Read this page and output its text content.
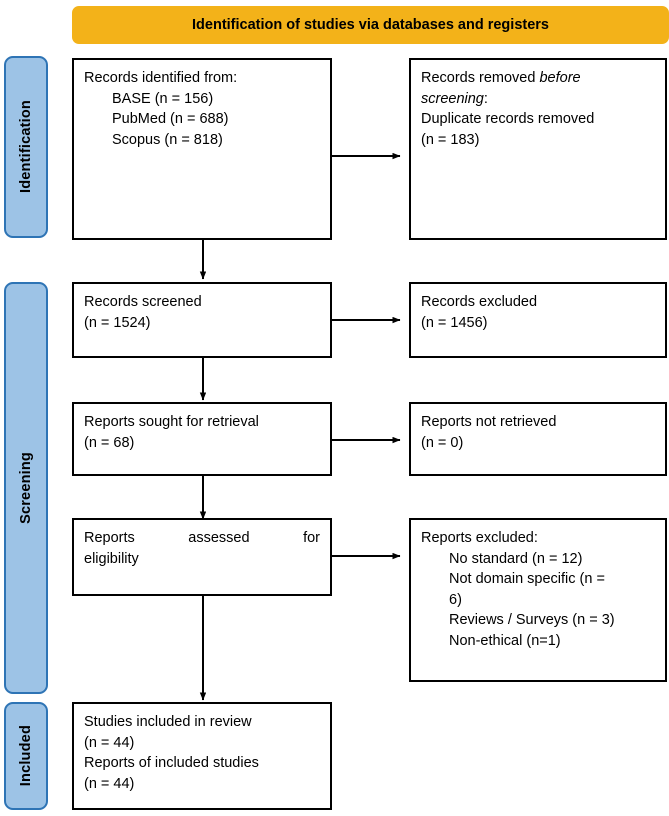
Identification of studies via databases and registers
Identification
Screening
Included
Records identified from:
BASE (n = 156)
PubMed (n = 688)
Scopus (n = 818)
Records removed before
screening:
Duplicate records removed
(n = 183)
Records screened
(n = 1524)
Records excluded
(n = 1456)
Reports sought for retrieval
(n = 68)
Reports not retrieved
(n = 0)
Reports assessed for
eligibility
Reports excluded:
No standard (n = 12)
Not domain specific (n =
6)
Reviews / Surveys (n = 3)
Non-ethical (n=1)
Studies included in review
(n = 44)
Reports of included studies
(n = 44)
